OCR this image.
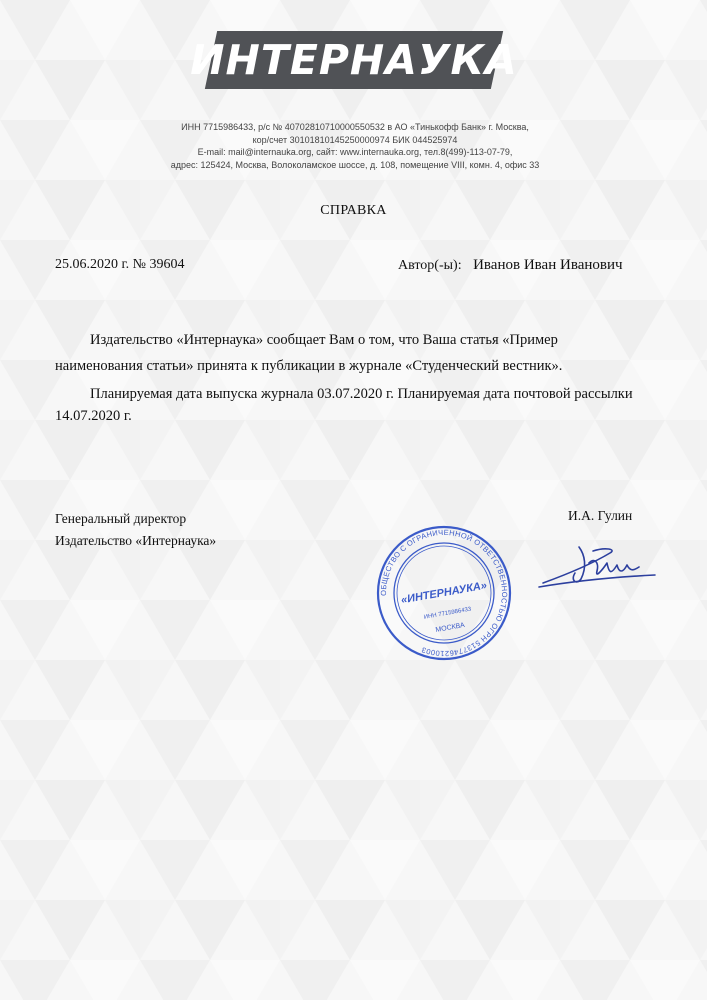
ИНТЕРНАУКА
ИНН 7715986433, р/с № 40702810710000550532 в АО «Тинькофф Банк» г. Москва,
кор/счет 30101810145250000974 БИК 044525974
E-mail: mail@internauka.org, сайт: www.internauka.org, тел.8(499)-113-07-79,
адрес: 125424, Москва, Волоколамское шоссе, д. 108, помещение VIII, комн. 4, офис 33
СПРАВКА
25.06.2020 г. № 39604	Автор(-ы): Иванов Иван Иванович
Издательство «Интернаука» сообщает Вам о том, что Ваша статья «Пример
наименования статьи» принята к публикации в журнале «Студенческий вестник».
Планируемая дата выпуска журнала 03.07.2020 г. Планируемая дата почтовой рассылки
14.07.2020 г.
Генеральный директор
Издательство «Интернаука»
И.А. Гулин
ОБЩЕСТВО С ОГРАНИЧЕННОЙ ОТВЕТСТВЕННОСТЬЮ ОГРН 5137746210003
«ИНТЕРНАУКА»
ИНН 7715986433
МОСКВА
